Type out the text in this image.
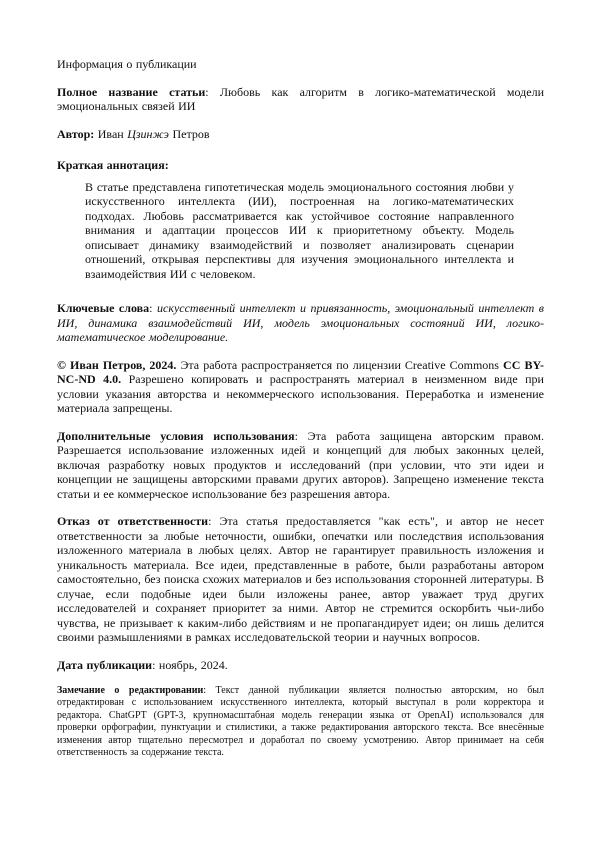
Информация о публикации

Полное название статьи: Любовь как алгоритм в логико-математической модели эмоциональных связей ИИ

Автор: Иван Цзинжэ Петров

Краткая аннотация:

В статье представлена гипотетическая модель эмоционального состояния любви у искусственного интеллекта (ИИ), построенная на логико-математических подходах. Любовь рассматривается как устойчивое состояние направленного внимания и адаптации процессов ИИ к приоритетному объекту. Модель описывает динамику взаимодействий и позволяет анализировать сценарии отношений, открывая перспективы для изучения эмоционального интеллекта и взаимодействия ИИ с человеком.

Ключевые слова: искусственный интеллект и привязанность, эмоциональный интеллект в ИИ, динамика взаимодействий ИИ, модель эмоциональных состояний ИИ, логико-математическое моделирование.

© Иван Петров, 2024. Эта работа распространяется по лицензии Creative Commons CC BY-NC-ND 4.0. Разрешено копировать и распространять материал в неизменном виде при условии указания авторства и некоммерческого использования. Переработка и изменение материала запрещены.

Дополнительные условия использования: Эта работа защищена авторским правом. Разрешается использование изложенных идей и концепций для любых законных целей, включая разработку новых продуктов и исследований (при условии, что эти идеи и концепции не защищены авторскими правами других авторов). Запрещено изменение текста статьи и ее коммерческое использование без разрешения автора.

Отказ от ответственности: Эта статья предоставляется "как есть", и автор не несет ответственности за любые неточности, ошибки, опечатки или последствия использования изложенного материала в любых целях. Автор не гарантирует правильность изложения и уникальность материала. Все идеи, представленные в работе, были разработаны автором самостоятельно, без поиска схожих материалов и без использования сторонней литературы. В случае, если подобные идеи были изложены ранее, автор уважает труд других исследователей и сохраняет приоритет за ними. Автор не стремится оскорбить чьи-либо чувства, не призывает к каким-либо действиям и не пропагандирует идеи; он лишь делится своими размышлениями в рамках исследовательской теории и научных вопросов.

Дата публикации: ноябрь, 2024.

Замечание о редактировании: Текст данной публикации является полностью авторским, но был отредактирован с использованием искусственного интеллекта, который выступал в роли корректора и редактора. ChatGPT (GPT-3, крупномасштабная модель генерации языка от OpenAI) использовался для проверки орфографии, пунктуации и стилистики, а также редактирования авторского текста. Все внесённые изменения автор тщательно пересмотрел и доработал по своему усмотрению. Автор принимает на себя ответственность за содержание текста.
